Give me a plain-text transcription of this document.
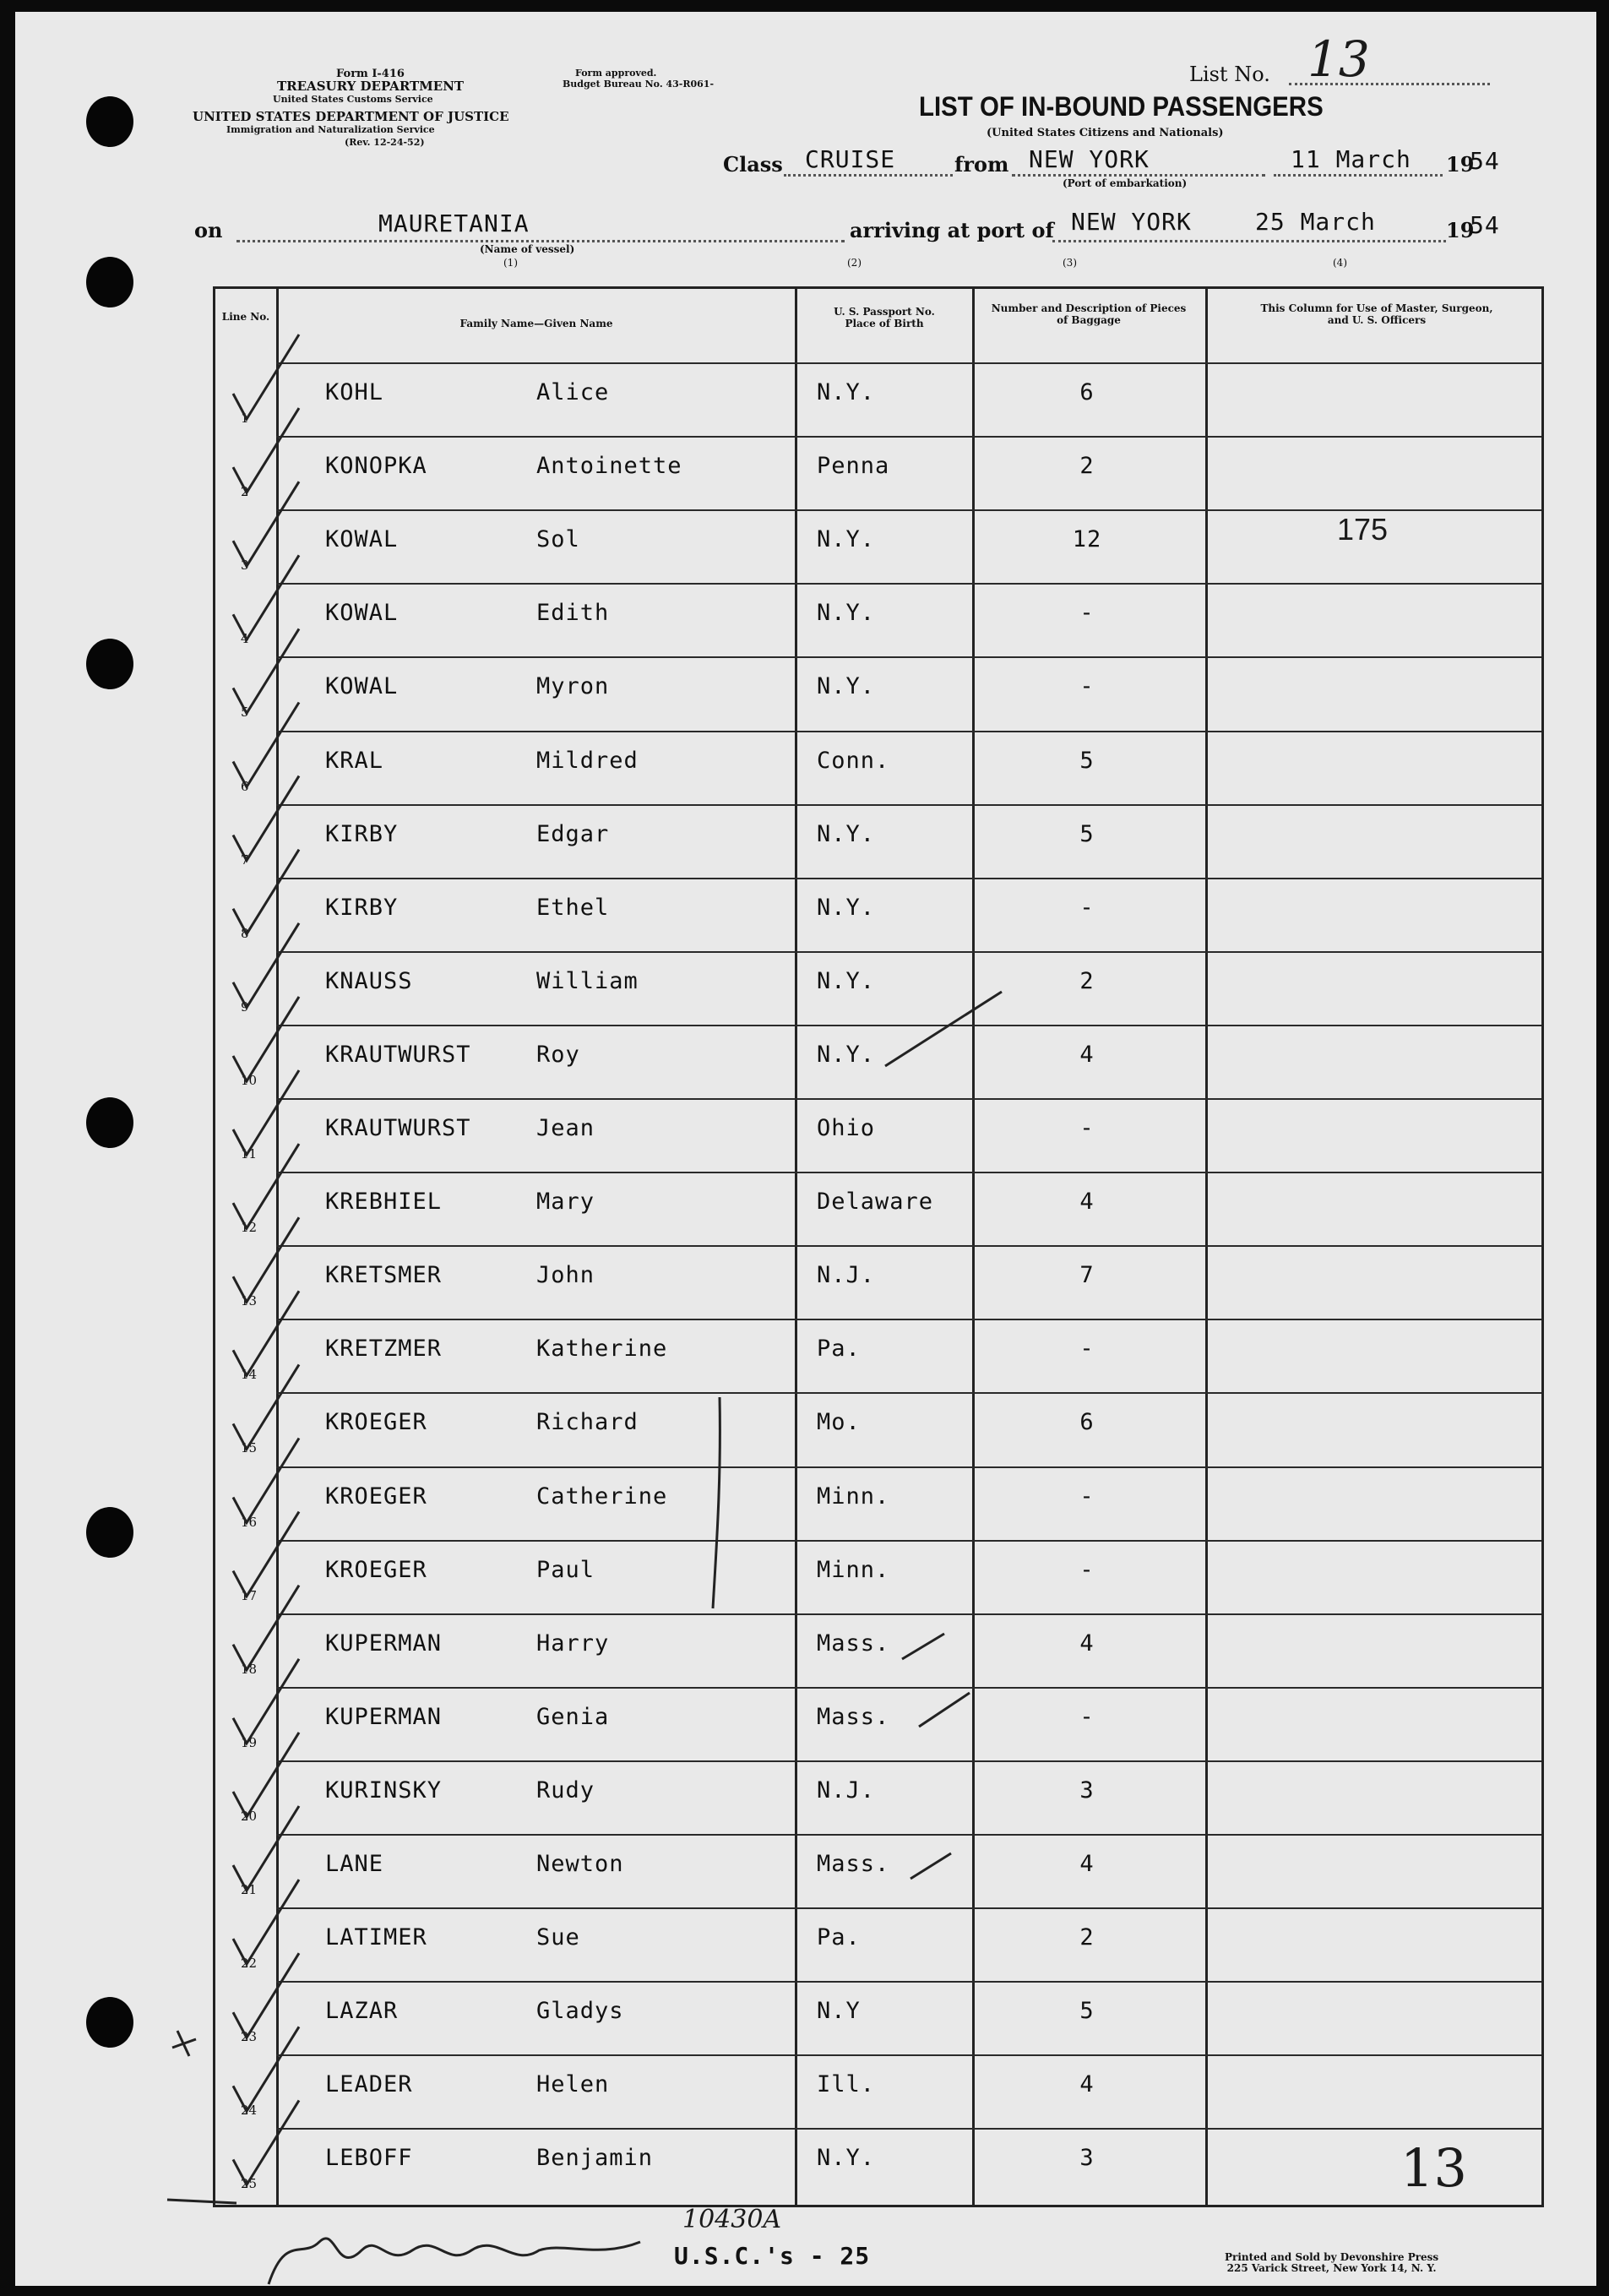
Form I-416
TREASURY DEPARTMENT
United States Customs Service
UNITED STATES DEPARTMENT OF JUSTICE
Immigration and Naturalization Service
(Rev. 12-24-52)
Form approved.
Budget Bureau No. 43-R061-	List No. 13
LIST OF IN-BOUND PASSENGERS
(United States Citizens and Nationals)
Class CRUISE	from NEW YORK
(Port of embarkation)
11 March 19
54
on	MAURETANIA
(Name of vessel)
(1)
arriving at port of NEW YORK	25 March	19
54
(2)	(3)	(4)
Line No.
Family Name—Given Name
U. S. Passport No. Place of Birth
Number and Description of Pieces of Baggage
This Column for Use of Master, Surgeon, and U. S. Officers
1
KOHL	Alice	N.Y.	6
2
KONOPKA	Antoinette	Penna	2
3
KOWAL	Sol	N.Y.	12
4
KOWAL	Edith	N.Y.	-
5
KOWAL	Myron	N.Y.	-
6
KRAL	Mildred	Conn.	5
7
KIRBY	Edgar	N.Y.	5
8
KIRBY	Ethel	N.Y.	-
9
KNAUSS	William	N.Y.	2
10
KRAUTWURST	Roy	N.Y.	4
11
KRAUTWURST	Jean	Ohio	-
12
KREBHIEL	Mary	Delaware	4
13
KRETSMER	John	N.J.	7
14
KRETZMER	Katherine	Pa.	-
15
KROEGER	Richard	Mo.	6
16
KROEGER	Catherine	Minn.	-
17
KROEGER	Paul	Minn.	-
18
KUPERMAN	Harry	Mass.	4
19
KUPERMAN	Genia	Mass.	-
20
KURINSKY	Rudy	N.J.	3
21
LANE	Newton	Mass.	4
22
LATIMER	Sue	Pa.	2
23
LAZAR	Gladys	N.Y	5
24
LEADER	Helen	Ill.	4
25
LEBOFF	Benjamin	N.Y.	3
175
U.S.C.'s - 25
10430A
13
Printed and Sold by Devonshire Press
225 Varick Street, New York 14, N. Y.
